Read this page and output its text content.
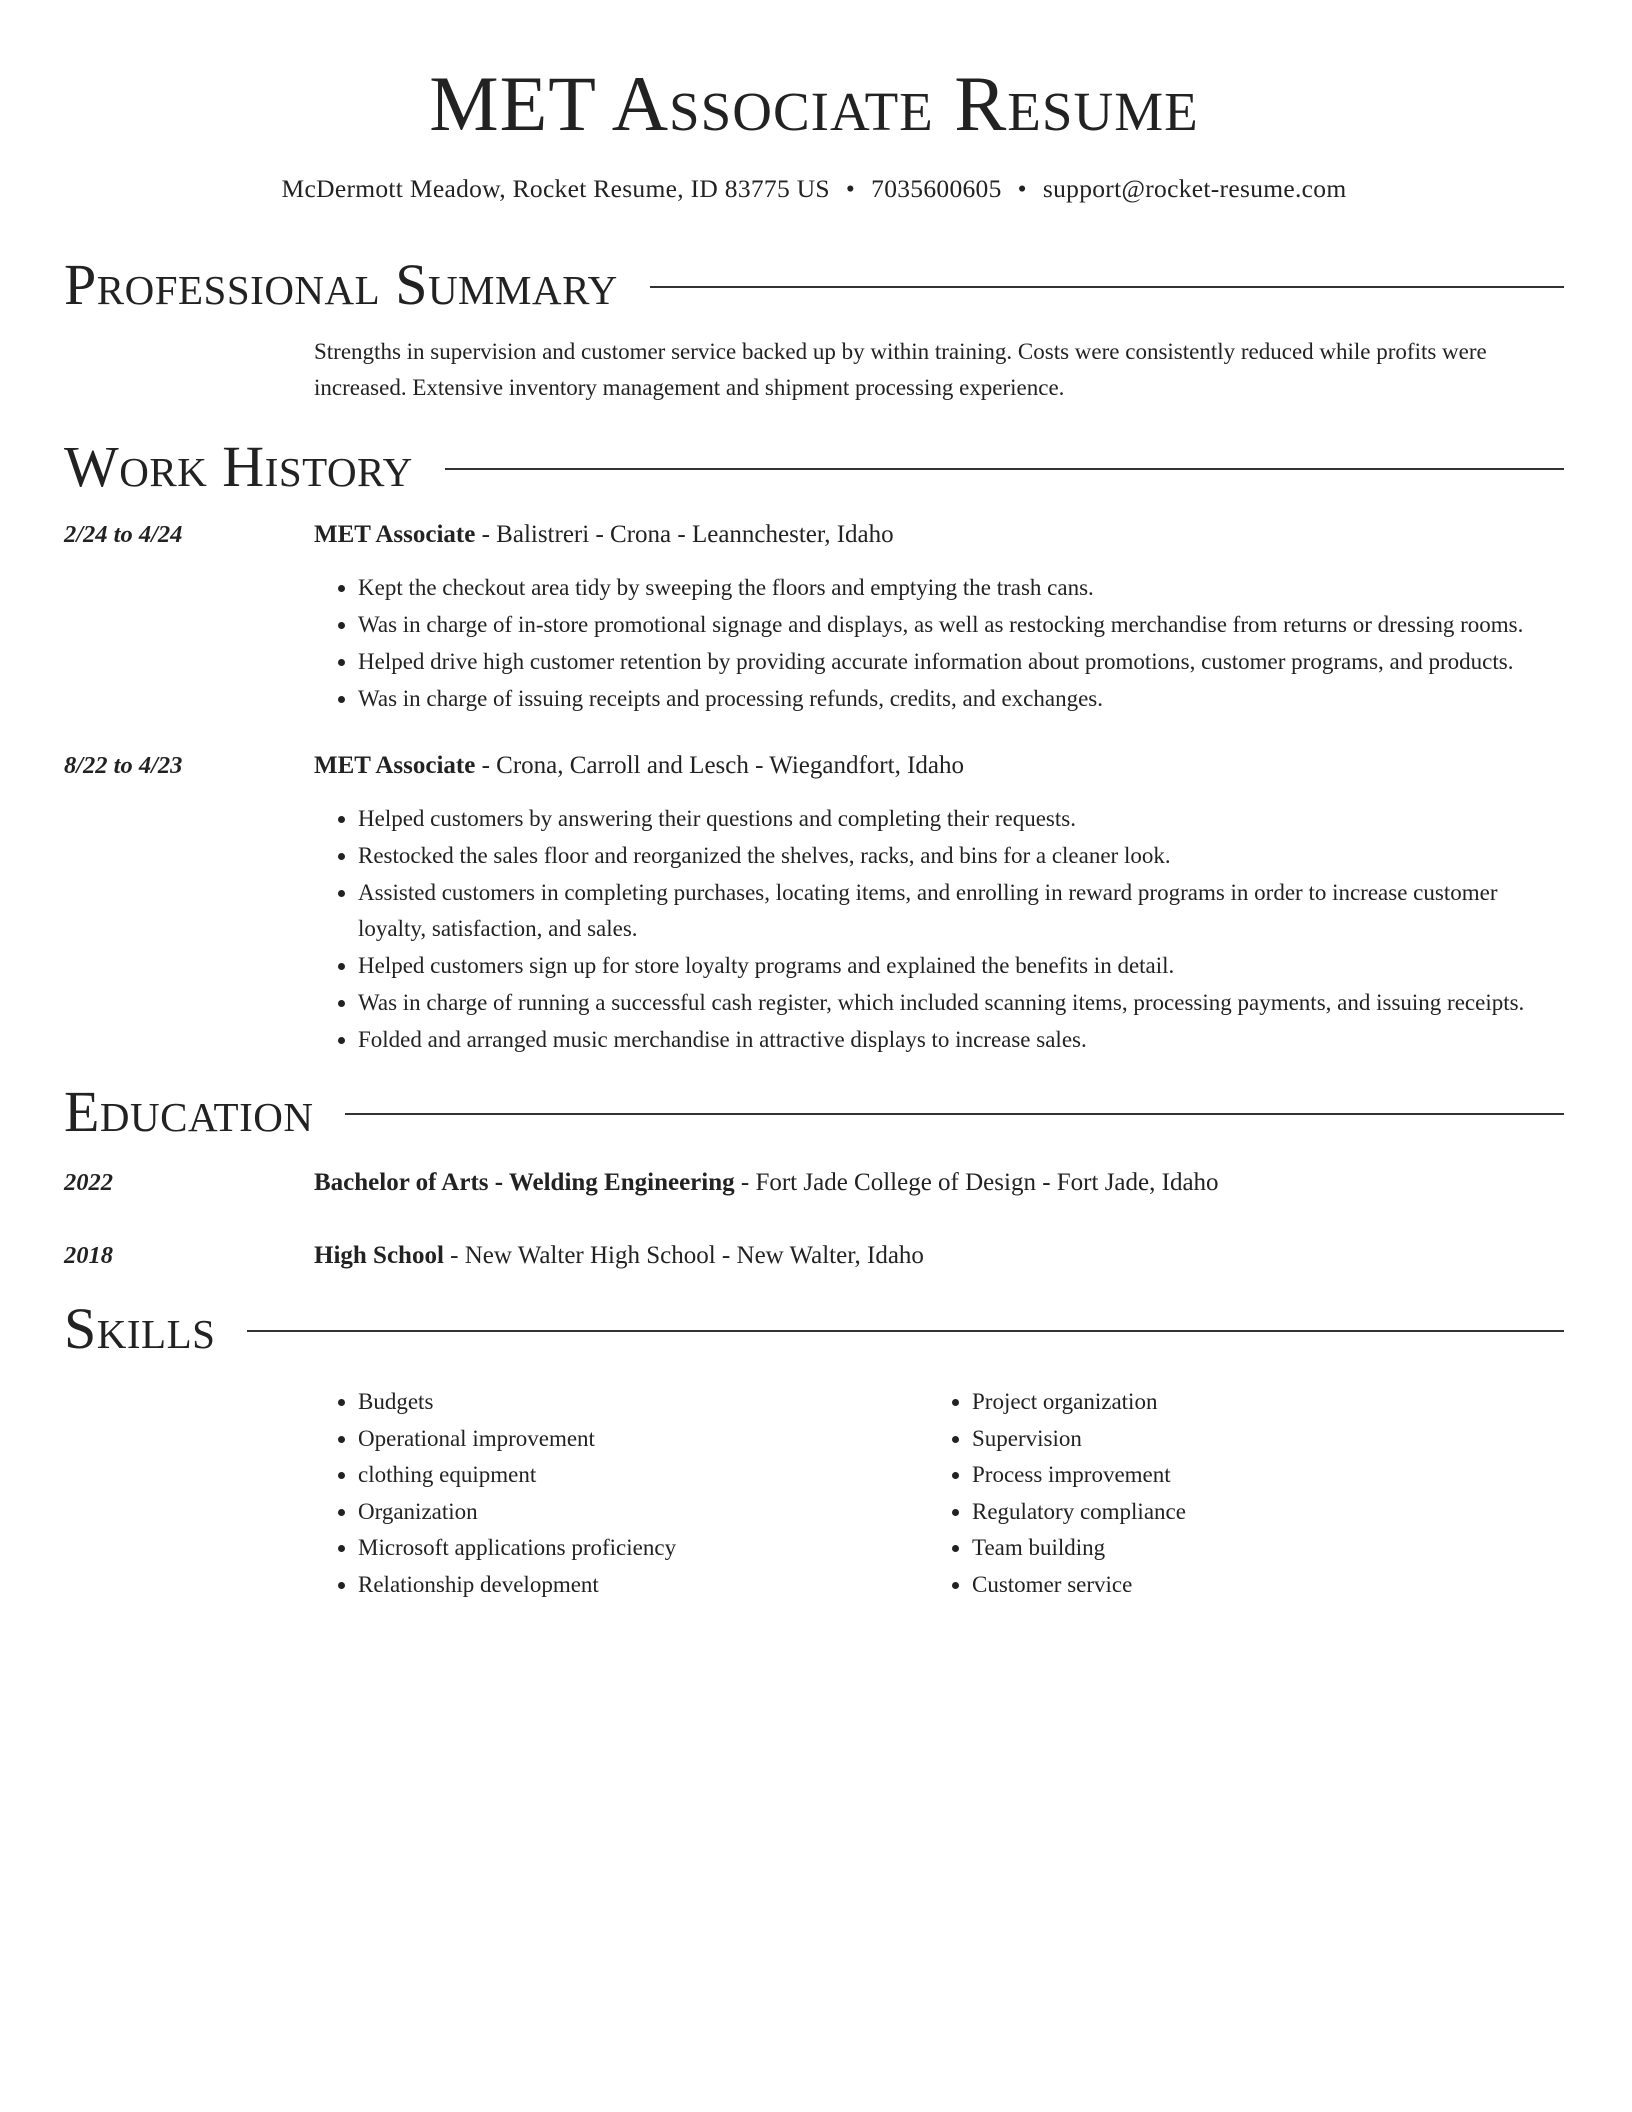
MET Associate Resume
McDermott Meadow, Rocket Resume, ID 83775 US • 7035600605 • support@rocket-resume.com
Professional Summary

Strengths in supervision and customer service backed up by within training. Costs were consistently reduced while profits were increased. Extensive inventory management and shipment processing experience.

Work History
2/24 to 4/24	MET Associate - Balistreri - Crona - Leannchester, Idaho
• Kept the checkout area tidy by sweeping the floors and emptying the trash cans.
• Was in charge of in-store promotional signage and displays, as well as restocking merchandise from returns or dressing rooms.
• Helped drive high customer retention by providing accurate information about promotions, customer programs, and products.
• Was in charge of issuing receipts and processing refunds, credits, and exchanges.
8/22 to 4/23	MET Associate - Crona, Carroll and Lesch - Wiegandfort, Idaho
• Helped customers by answering their questions and completing their requests.
• Restocked the sales floor and reorganized the shelves, racks, and bins for a cleaner look.
• Assisted customers in completing purchases, locating items, and enrolling in reward programs in order to increase customer loyalty, satisfaction, and sales.
• Helped customers sign up for store loyalty programs and explained the benefits in detail.
• Was in charge of running a successful cash register, which included scanning items, processing payments, and issuing receipts.
• Folded and arranged music merchandise in attractive displays to increase sales.
Education
2022	Bachelor of Arts - Welding Engineering - Fort Jade College of Design - Fort Jade, Idaho
2018	High School - New Walter High School - New Walter, Idaho
Skills
• Budgets
• Operational improvement
• clothing equipment
• Organization
• Microsoft applications proficiency
• Relationship development
• Project organization
• Supervision
• Process improvement
• Regulatory compliance
• Team building
• Customer service
